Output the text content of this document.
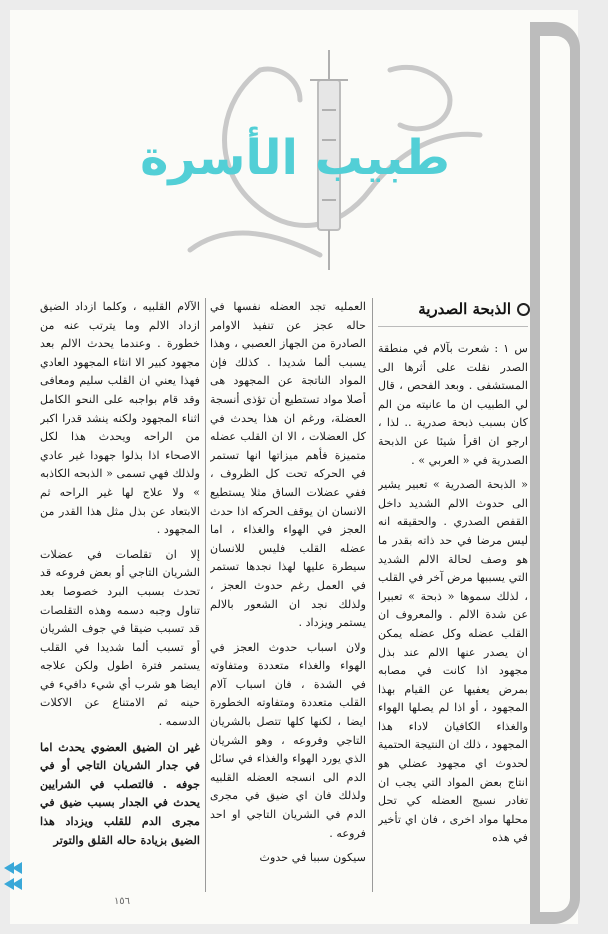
طبيب الأسرة
الذبحة الصدرية

س ١ : شعرت بآلام في منطقة الصدر نقلت على أثرها الى المستشفى . وبعد الفحص ، قال لي الطبيب ان ما عانيته من الم كان بسبب ذبحة صدرية .. لذا ، ارجو ان اقرأ شيئا عن الذبحة الصدرية في « العربي » .

« الذبحة الصدرية » تعبير يشير الى حدوث الالم الشديد داخل القفص الصدري . والحقيقه انه ليس مرضا في حد ذاته بقدر ما هو وصف لحالة الالم الشديد التي يسببها مرض آخر في القلب ، لذلك سموها « ذبحة » تعبيرا عن شدة الالم . والمعروف ان القلب عضله وكل عضله يمكن ان يصدر عنها الالم عند بذل مجهود اذا كانت في مصابه بمرض يعفيها عن القيام بهذا المجهود ، أو اذا لم يصلها الهواء والغذاء الكافيان لاداء هذا المجهود ، ذلك ان النتيجة الحتمية لحدوث اي مجهود عضلي هو انتاج بعض المواد التي يجب ان تغادر نسيج العضله كي تحل محلها مواد اخرى ، فان اي تأخير في هذه

العمليه تجد العضله نفسها في حاله عجز عن تنفيذ الاوامر الصادرة من الجهاز العصبي ، وهذا يسبب ألما شديدا . كذلك فإن المواد الناتجة عن المجهود هى أصلا مواد تستطيع أن تؤذى أنسجة العضلة، ورغم ان هذا يحدث في كل العضلات ، الا ان القلب عضله متميزة فأهم ميزاتها انها تستمر في الحركه تحت كل الظروف ، ففي عضلات الساق مثلا يستطيع الانسان ان يوقف الحركه اذا حدث العجز في الهواء والغذاء ، اما عضله القلب فليس للانسان سيطرة عليها لهذا نجدها تستمر في العمل رغم حدوث العجز ، ولذلك نجد ان الشعور بالالم يستمر ويزداد .

ولان اسباب حدوث العجز في الهواء والغذاء متعددة ومتفاوته في الشدة ، فان اسباب آلام القلب متعددة ومتفاوته الخطورة ايضا ، لكنها كلها تتصل بالشريان التاجي وفروعه ، وهو الشريان الذي يورد الهواء والغذاء في سائل الدم الى انسجه العضله القلبيه ولذلك فان اي ضيق في مجرى الدم في الشريان التاجي او احد فروعه .

سيكون سببا في حدوث

الآلام القلبيه ، وكلما ازداد الضيق ازداد الالم وما يترتب عنه من خطورة . وعندما يحدث الالم بعد مجهود كبير الا انثاء المجهود العادي فهذا يعني ان القلب سليم ومعافى وقد قام بواجبه على النحو الكامل اثناء المجهود ولكنه ينشد قدرا اكبر من الراحه ويحدث هذا لكل الاصحاء اذا بذلوا جهودا غير عادي ولذلك فهي تسمى « الذبحه الكاذبه » ولا علاج لها غير الراحه ثم الابتعاد عن بذل مثل هذا القدر من المجهود .

إلا ان تقلصات في عضلات الشريان التاجي أو بعض فروعه قد تحدث بسبب البرد خصوصا بعد تناول وجبه دسمه وهذه التقلصات قد تسبب ضيقا في جوف الشريان أو تسبب ألما شديدا في القلب يستمر فترة اطول ولكن علاجه ايضا هو شرب أي شيء دافيء في حينه ثم الامتناع عن الاكلات الدسمه .

غير ان الضيق العضوي يحدث اما في جدار الشريان التاجي أو في جوفه . فالتصلب في الشرايين يحدث في الجدار بسبب ضيق في مجرى الدم للقلب ويزداد هذا الضيق بزيادة حاله القلق والتوتر

١٥٦
